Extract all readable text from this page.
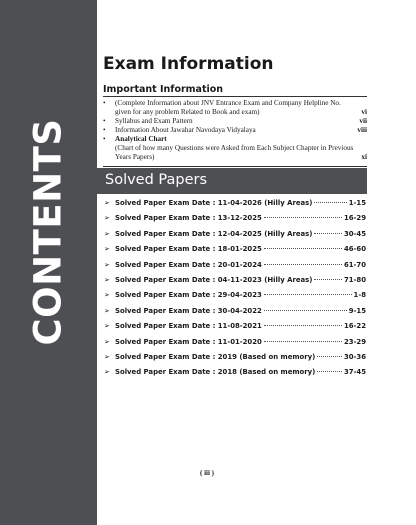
CONTENTS
Exam Information
Important Information
• (Complete Information about JNV Entrance Exam and Company Helpline No. given for any problem Related to Book and exam)	vi
• Syllabus and Exam Pattern	vii
• Information About Jawahar Navodaya Vidyalaya	viii
• Analytical Chart
(Chart of how many Questions were Asked from Each Subject Chapter in Previous Years Papers)	xi
Solved Papers
➢ Solved Paper Exam Date : 11-04-2026 (Hilly Areas)	1-15
➢ Solved Paper Exam Date : 13-12-2025	16-29
➢ Solved Paper Exam Date : 12-04-2025 (Hilly Areas)	30-45
➢ Solved Paper Exam Date : 18-01-2025	46-60
➢ Solved Paper Exam Date : 20-01-2024	61-70
➢ Solved Paper Exam Date : 04-11-2023 (Hilly Areas)	71-80
➢ Solved Paper Exam Date : 29-04-2023	1-8
➢ Solved Paper Exam Date : 30-04-2022	9-15
➢ Solved Paper Exam Date : 11-08-2021	16-22
➢ Solved Paper Exam Date : 11-01-2020	23-29
➢ Solved Paper Exam Date : 2019 (Based on memory)	30-36
➢ Solved Paper Exam Date : 2018 (Based on memory)	37-45
( iii )
